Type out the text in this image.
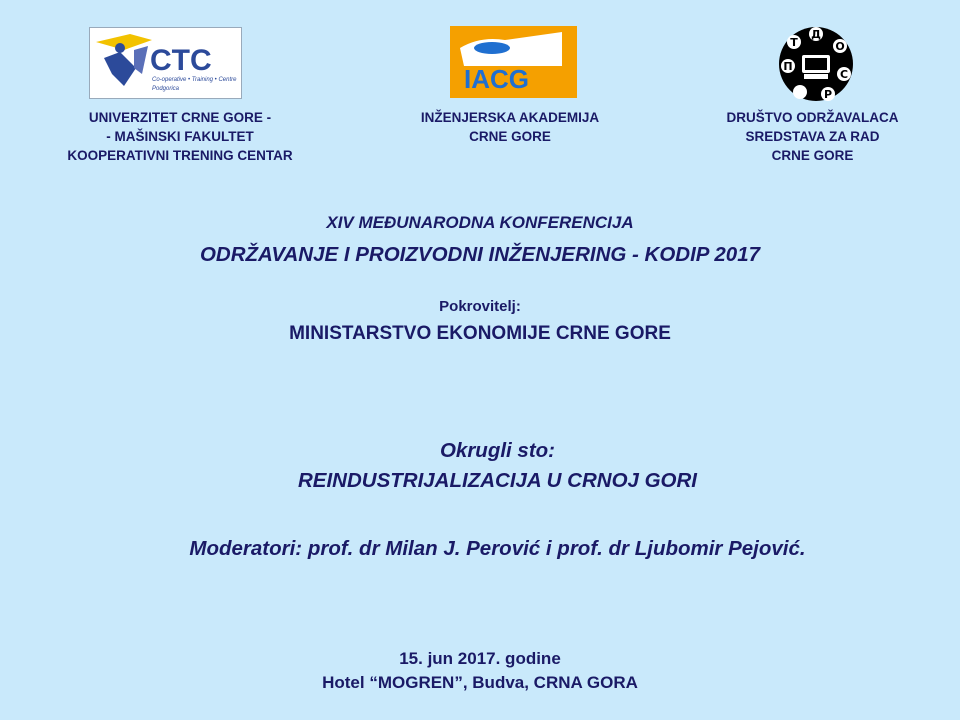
CTC
Co-operative • Training • Centre
Podgorica	IACG
Д
О
С
Р
П
Т
UNIVERZITET CRNE GORE -
- MAŠINSKI FAKULTET
KOOPERATIVNI TRENING CENTAR
INŽENJERSKA AKADEMIJA
CRNE GORE
DRUŠTVO ODRŽAVALACA
SREDSTAVA ZA RAD
CRNE GORE
XIV MEĐUNARODNA KONFERENCIJA
ODRŽAVANJE I PROIZVODNI INŽENJERING - KODIP 2017
Pokrovitelj:
MINISTARSTVO EKONOMIJE CRNE GORE
Okrugli sto:
REINDUSTRIJALIZACIJA U CRNOJ GORI
Moderatori: prof. dr Milan J. Perović i prof. dr Ljubomir Pejović.
15. jun 2017. godine
Hotel “MOGREN”, Budva, CRNA GORA
